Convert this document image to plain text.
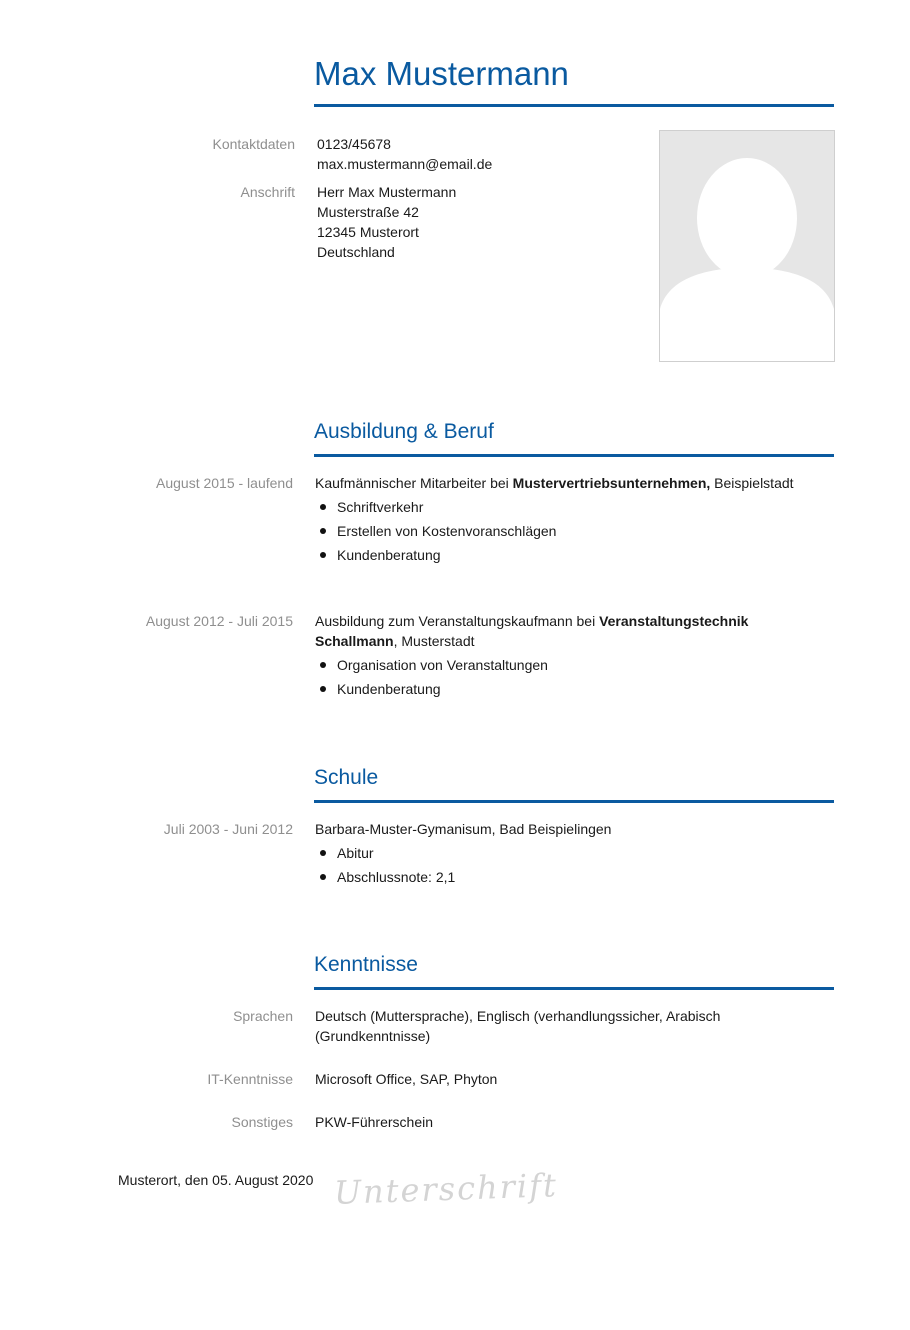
Max Mustermann
Kontaktdaten 0123/45678
max.mustermann@email.de
Anschrift Herr Max Mustermann
Musterstraße 42
12345 Musterort
Deutschland
Ausbildung & Beruf
August 2015 - laufend Kaufmännischer Mitarbeiter bei Mustervertriebsunternehmen, Beispielstadt
Schriftverkehr
Erstellen von Kostenvoranschlägen
Kundenberatung
August 2012 - Juli 2015 Ausbildung zum Veranstaltungskaufmann bei Veranstaltungstechnik Schallmann, Musterstadt
Organisation von Veranstaltungen
Kundenberatung
Schule
Juli 2003 - Juni 2012 Barbara-Muster-Gymanisum, Bad Beispielingen
Abitur
Abschlussnote: 2,1
Kenntnisse
Sprachen Deutsch (Muttersprache), Englisch (verhandlungssicher, Arabisch (Grundkenntnisse)
IT-Kenntnisse Microsoft Office, SAP, Phyton
Sonstiges PKW-Führerschein
Musterort, den 05. August 2020 Unterschrift
